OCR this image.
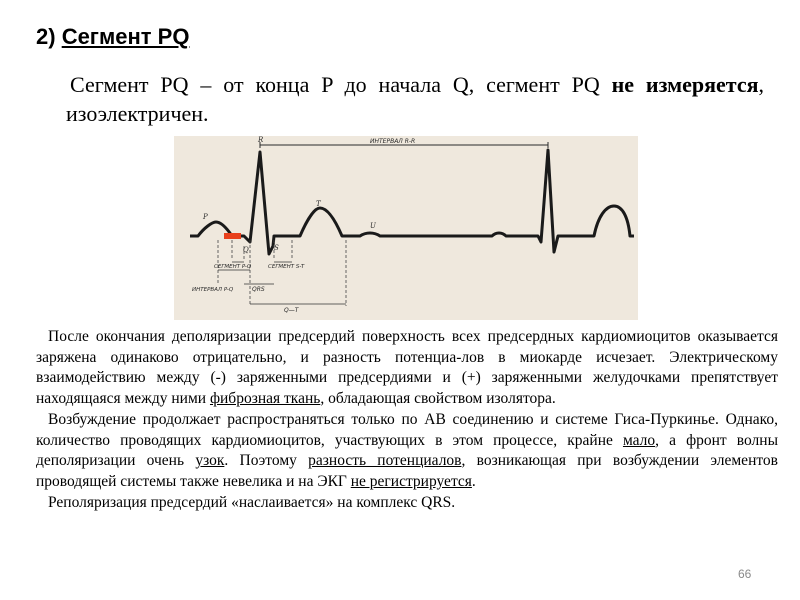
2) Сегмент PQ

Сегмент PQ – от конца P до начала Q, сегмент PQ не измеряется, изоэлектричен.

ИНТЕРВАЛ R-R
P
R
Q	S
T
U
СЕГМЕНТ P-Q	СЕГМЕНТ S-T
ИНТЕРВАЛ P-Q	QRS
Q—T

После окончания деполяризации предсердий поверхность всех предсердных кардиомиоцитов оказывается заряжена одинаково отрицательно, и разность потенциа-лов в миокарде исчезает. Электрическому взаимодействию между (-) заряженными предсердиями и (+) заряженными желудочками препятствует находящаяся между ними фиброзная ткань, обладающая свойством изолятора.

Возбуждение продолжает распространяться только по АВ соединению и системе Гиса-Пуркинье. Однако, количество проводящих кардиомиоцитов, участвующих в этом процессе, крайне мало, а фронт волны деполяризации очень узок. Поэтому разность потенциалов, возникающая при возбуждении элементов проводящей системы также невелика и на ЭКГ не регистрируется.

Реполяризация предсердий «наслаивается» на комплекс QRS.

66
